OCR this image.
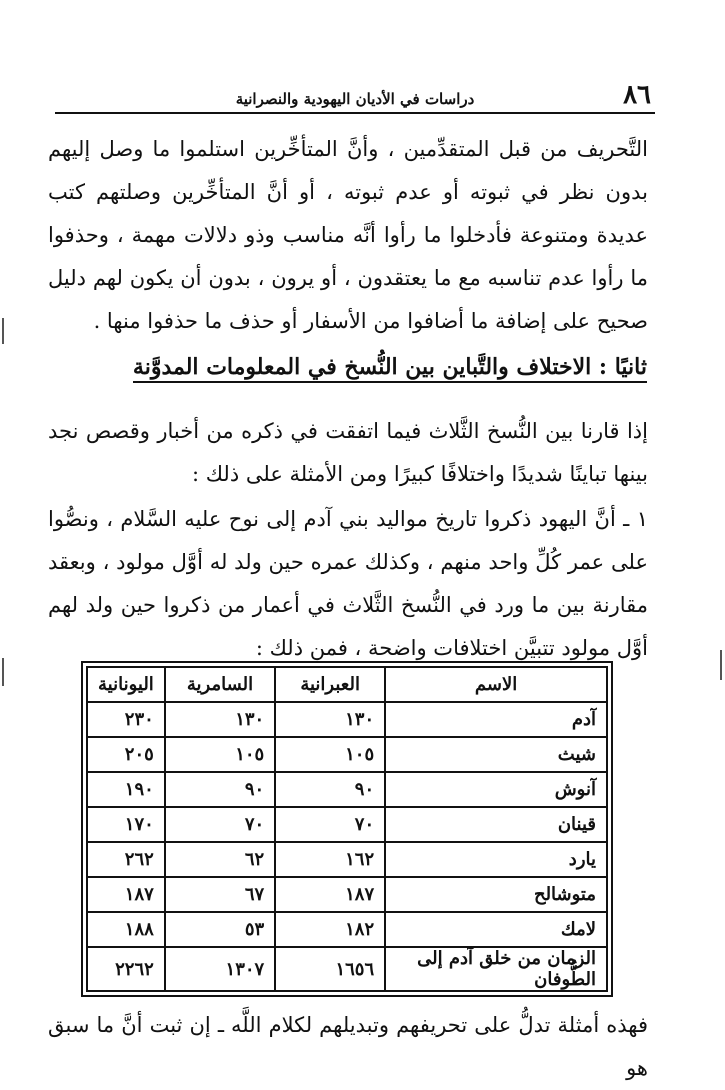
٨٦
دراسات في الأديان اليهودية والنصرانية

التَّحريف من قبل المتقدِّمين ، وأنَّ المتأخِّرين استلموا ما وصل إليهم بدون نظر في ثبوته أو عدم ثبوته ، أو أنَّ المتأخِّرين وصلتهم كتب عديدة ومتنوعة فأدخلوا ما رأوا أنَّه مناسب وذو دلالات مهمة ، وحذفوا ما رأوا عدم تناسبه مع ما يعتقدون ، أو يرون ، بدون أن يكون لهم دليل صحيح على إضافة ما أضافوا من الأسفار أو حذف ما حذفوا منها .

ثانيًا : الاختلاف والتَّباين بين النُّسخ في المعلومات المدوَّنة

إذا قارنا بين النُّسخ الثَّلاث فيما اتفقت في ذكره من أخبار وقصص نجد بينها تباينًا شديدًا واختلافًا كبيرًا ومن الأمثلة على ذلك :

١ ـ أنَّ اليهود ذكروا تاريخ مواليد بني آدم إلى نوح عليه السَّلام ، ونصُّوا على عمر كُلِّ واحد منهم ، وكذلك عمره حين ولد له أوَّل مولود ، وبعقد مقارنة بين ما ورد في النُّسخ الثَّلاث في أعمار من ذكروا حين ولد لهم أوَّل مولود تتبيَّن اختلافات واضحة ، فمن ذلك :

الاسم	العبرانية	السامرية	اليونانية
آدم	١٣٠	١٣٠	٢٣٠
شيث	١٠٥	١٠٥	٢٠٥
آنوش	٩٠	٩٠	١٩٠
قينان	٧٠	٧٠	١٧٠
يارد	١٦٢	٦٢	٢٦٢
متوشالح	١٨٧	٦٧	١٨٧
لامك	١٨٢	٥٣	١٨٨
الزمان من خلق آدم إلى الطُّوفان	١٦٥٦	١٣٠٧	٢٢٦٢

فهذه أمثلة تدلُّ على تحريفهم وتبديلهم لكلام اللَّه ـ إن ثبت أنَّ ما سبق هو
